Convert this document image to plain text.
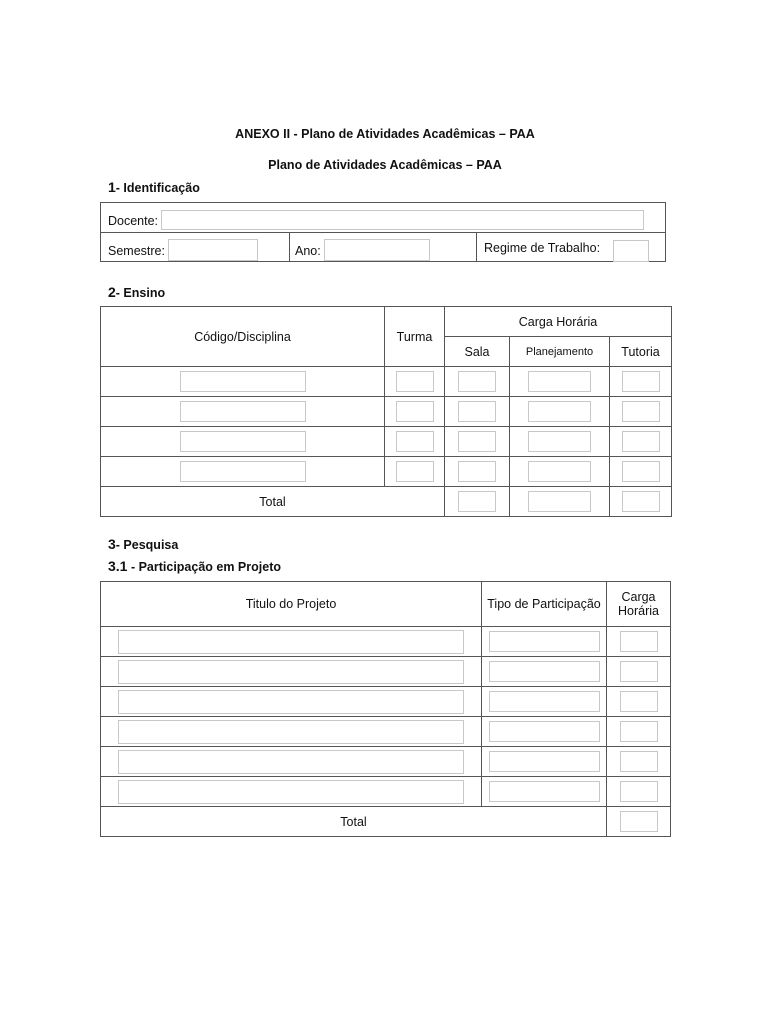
ANEXO II - Plano de Atividades Acadêmicas – PAA
Plano de Atividades Acadêmicas – PAA
1- Identificação
Docente:
Semestre:	Ano:	Regime de Trabalho:
2- Ensino
Código/Disciplina	Turma	Carga Horária		
		Sala	Planejamento	Tutoria

Total		

3- Pesquisa
3.1 - Participação em Projeto
Titulo do Projeto	Tipo de Participação	Carga Horária

Total		
